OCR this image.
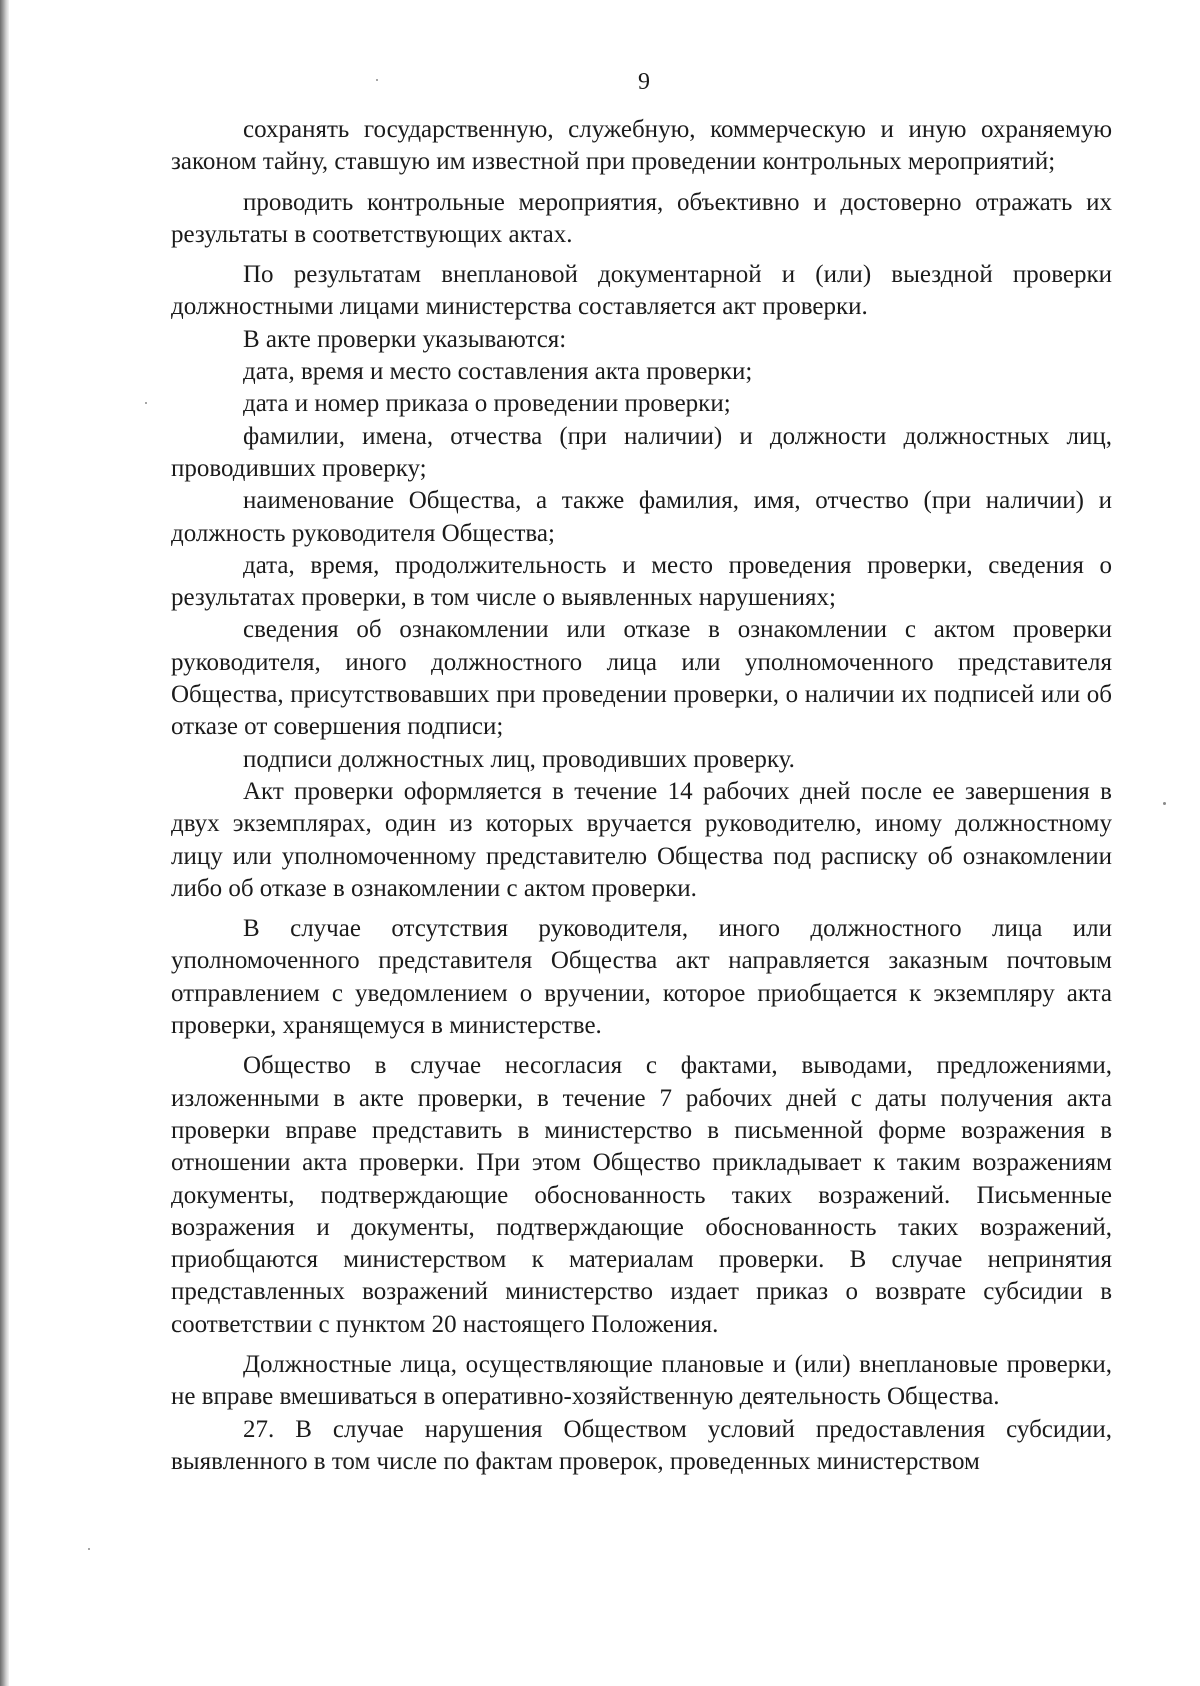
9

сохранять государственную, служебную, коммерческую и иную охраняемую законом тайну, ставшую им известной при проведении контрольных мероприятий;

проводить контрольные мероприятия, объективно и достоверно отражать их результаты в соответствующих актах.

По результатам внеплановой документарной и (или) выездной проверки должностными лицами министерства составляется акт проверки.

В акте проверки указываются:

дата, время и место составления акта проверки;

дата и номер приказа о проведении проверки;

фамилии, имена, отчества (при наличии) и должности должностных лиц, проводивших проверку;

наименование Общества, а также фамилия, имя, отчество (при наличии) и должность руководителя Общества;

дата, время, продолжительность и место проведения проверки, сведения о результатах проверки, в том числе о выявленных нарушениях;

сведения об ознакомлении или отказе в ознакомлении с актом проверки руководителя, иного должностного лица или уполномоченного представителя Общества, присутствовавших при проведении проверки, о наличии их подписей или об отказе от совершения подписи;

подписи должностных лиц, проводивших проверку.

Акт проверки оформляется в течение 14 рабочих дней после ее завершения в двух экземплярах, один из которых вручается руководителю, иному должностному лицу или уполномоченному представителю Общества под расписку об ознакомлении либо об отказе в ознакомлении с актом проверки.

В случае отсутствия руководителя, иного должностного лица или уполномоченного представителя Общества акт направляется заказным почтовым отправлением с уведомлением о вручении, которое приобщается к экземпляру акта проверки, хранящемуся в министерстве.

Общество в случае несогласия с фактами, выводами, предложениями, изложенными в акте проверки, в течение 7 рабочих дней с даты получения акта проверки вправе представить в министерство в письменной форме возражения в отношении акта проверки. При этом Общество прикладывает к таким возражениям документы, подтверждающие обоснованность таких возражений. Письменные возражения и документы, подтверждающие обоснованность таких возражений, приобщаются министерством к материалам проверки. В случае непринятия представленных возражений министерство издает приказ о возврате субсидии в соответствии с пунктом 20 настоящего Положения.

Должностные лица, осуществляющие плановые и (или) внеплановые проверки, не вправе вмешиваться в оперативно-хозяйственную деятельность Общества.

27. В случае нарушения Обществом условий предоставления субсидии, выявленного в том числе по фактам проверок, проведенных министерством
